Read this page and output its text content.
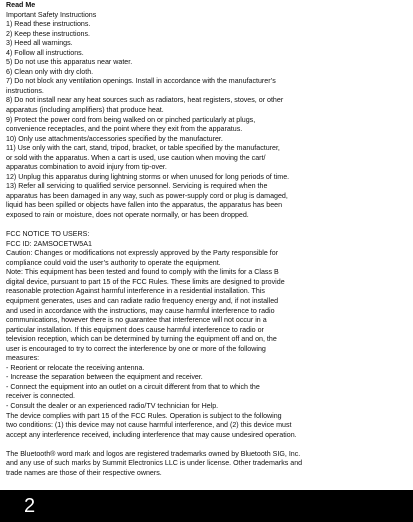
Read Me
Important Safety Instructions
1) Read these instructions.
2) Keep these instructions.
3) Heed all warnings.
4) Follow all instructions.
5) Do not use this apparatus near water.
6) Clean only with dry cloth.
7) Do not block any ventilation openings. Install in accordance with the manufacturer’s
instructions.
8) Do not install near any heat sources such as radiators, heat registers, stoves, or other
apparatus (including amplifiers) that produce heat.
9) Protect the power cord from being walked on or pinched particularly at plugs,
convenience receptacles, and the point where they exit from the apparatus.
10) Only use attachments/accessories specified by the manufacturer.
11) Use only with the cart, stand, tripod, bracket, or table specified by the manufacturer,
or sold with the apparatus. When a cart is used, use caution when moving the cart/
apparatus combination to avoid injury from tip-over.
12) Unplug this apparatus during lightning storms or when unused for long periods of time.
13) Refer all servicing to qualified service personnel. Servicing is required when the
apparatus has been damaged in any way, such as power-supply cord or plug is damaged,
liquid has been spilled or objects have fallen into the apparatus, the apparatus has been
exposed to rain or moisture, does not operate normally, or has been dropped.
FCC NOTICE TO USERS:
FCC ID: 2AMSOCETW5A1
Caution: Changes or modifications not expressly approved by the Party responsible for
compliance could void the user’s authority to operate the equipment.
Note: This equipment has been tested and found to comply with the limits for a Class B
digital device, pursuant to part 15 of the FCC Rules. These limits are designed to provide
reasonable protection Against harmful interference in a residential installation. This
equipment generates, uses and can radiate radio frequency energy and, if not installed
and used in accordance with the instructions, may cause harmful interference to radio
communications, however there is no guarantee that interference will not occur in a
particular installation. If this equipment does cause harmful interference to radio or
television reception, which can be determined by turning the equipment off and on, the
user is encouraged to try to correct the interference by one or more of the following
measures:
- Reorient or relocate the receiving antenna.
- Increase the separation between the equipment and receiver.
- Connect the equipment into an outlet on a circuit different from that to which the
receiver is connected.
- Consult the dealer or an experienced radio/TV technician for Help.
The device complies with part 15 of the FCC Rules. Operation is subject to the following
two conditions: (1) this device may not cause harmful interference, and (2) this device must
accept any interference received, including interference that may cause undesired operation.
The Bluetooth® word mark and logos are registered trademarks owned by Bluetooth SIG, Inc.
and any use of such marks by Summit Electronics LLC is under license. Other trademarks and
trade names are those of their respective owners.
2
